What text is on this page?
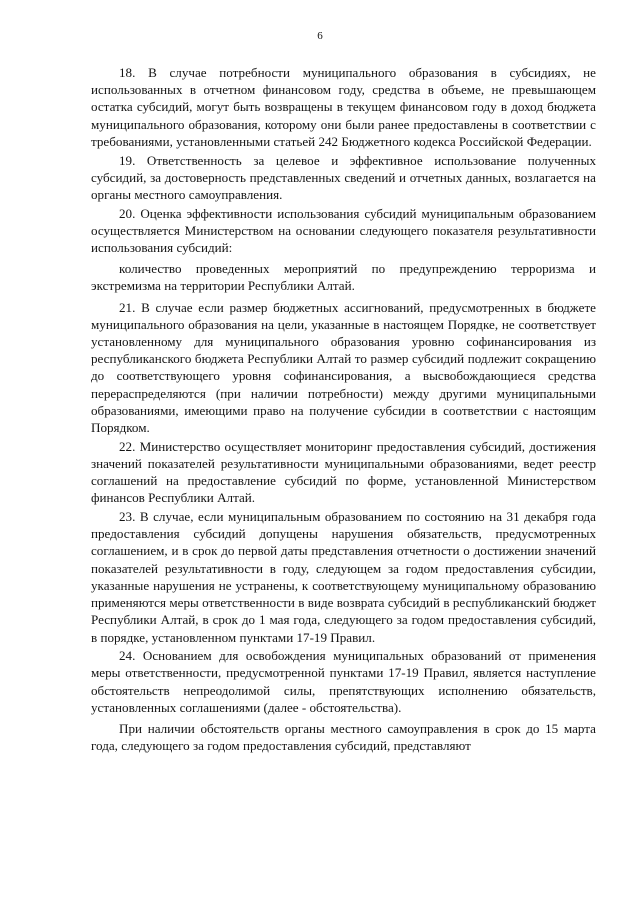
6

18. В случае потребности муниципального образования в субсидиях, не использованных в отчетном финансовом году, средства в объеме, не превышающем остатка субсидий, могут быть возвращены в текущем финансовом году в доход бюджета муниципального образования, которому они были ранее предоставлены в соответствии с требованиями, установленными статьей 242 Бюджетного кодекса Российской Федерации.

19. Ответственность за целевое и эффективное использование полученных субсидий, за достоверность представленных сведений и отчетных данных, возлагается на органы местного самоуправления.

20. Оценка эффективности использования субсидий муниципальным образованием осуществляется Министерством на основании следующего показателя результативности использования субсидий:

количество проведенных мероприятий по предупреждению терроризма и экстремизма на территории Республики Алтай.

21. В случае если размер бюджетных ассигнований, предусмотренных в бюджете муниципального образования на цели, указанные в настоящем Порядке, не соответствует установленному для муниципального образования уровню софинансирования из республиканского бюджета Республики Алтай то размер субсидий подлежит сокращению до соответствующего уровня софинансирования, а высвобождающиеся средства перераспределяются (при наличии потребности) между другими муниципальными образованиями, имеющими право на получение субсидии в соответствии с настоящим Порядком.

22. Министерство осуществляет мониторинг предоставления субсидий, достижения значений показателей результативности муниципальными образованиями, ведет реестр соглашений на предоставление субсидий по форме, установленной Министерством финансов Республики Алтай.

23. В случае, если муниципальным образованием по состоянию на 31 декабря года предоставления субсидий допущены нарушения обязательств, предусмотренных соглашением, и в срок до первой даты представления отчетности о достижении значений показателей результативности в году, следующем за годом предоставления субсидии, указанные нарушения не устранены, к соответствующему муниципальному образованию применяются меры ответственности в виде возврата субсидий в республиканский бюджет Республики Алтай, в срок до 1 мая года, следующего за годом предоставления субсидий, в порядке, установленном пунктами 17-19 Правил.

24. Основанием для освобождения муниципальных образований от применения меры ответственности, предусмотренной пунктами 17-19 Правил, является наступление обстоятельств непреодолимой силы, препятствующих исполнению обязательств, установленных соглашениями (далее - обстоятельства).

При наличии обстоятельств органы местного самоуправления в срок до 15 марта года, следующего за годом предоставления субсидий, представляют
